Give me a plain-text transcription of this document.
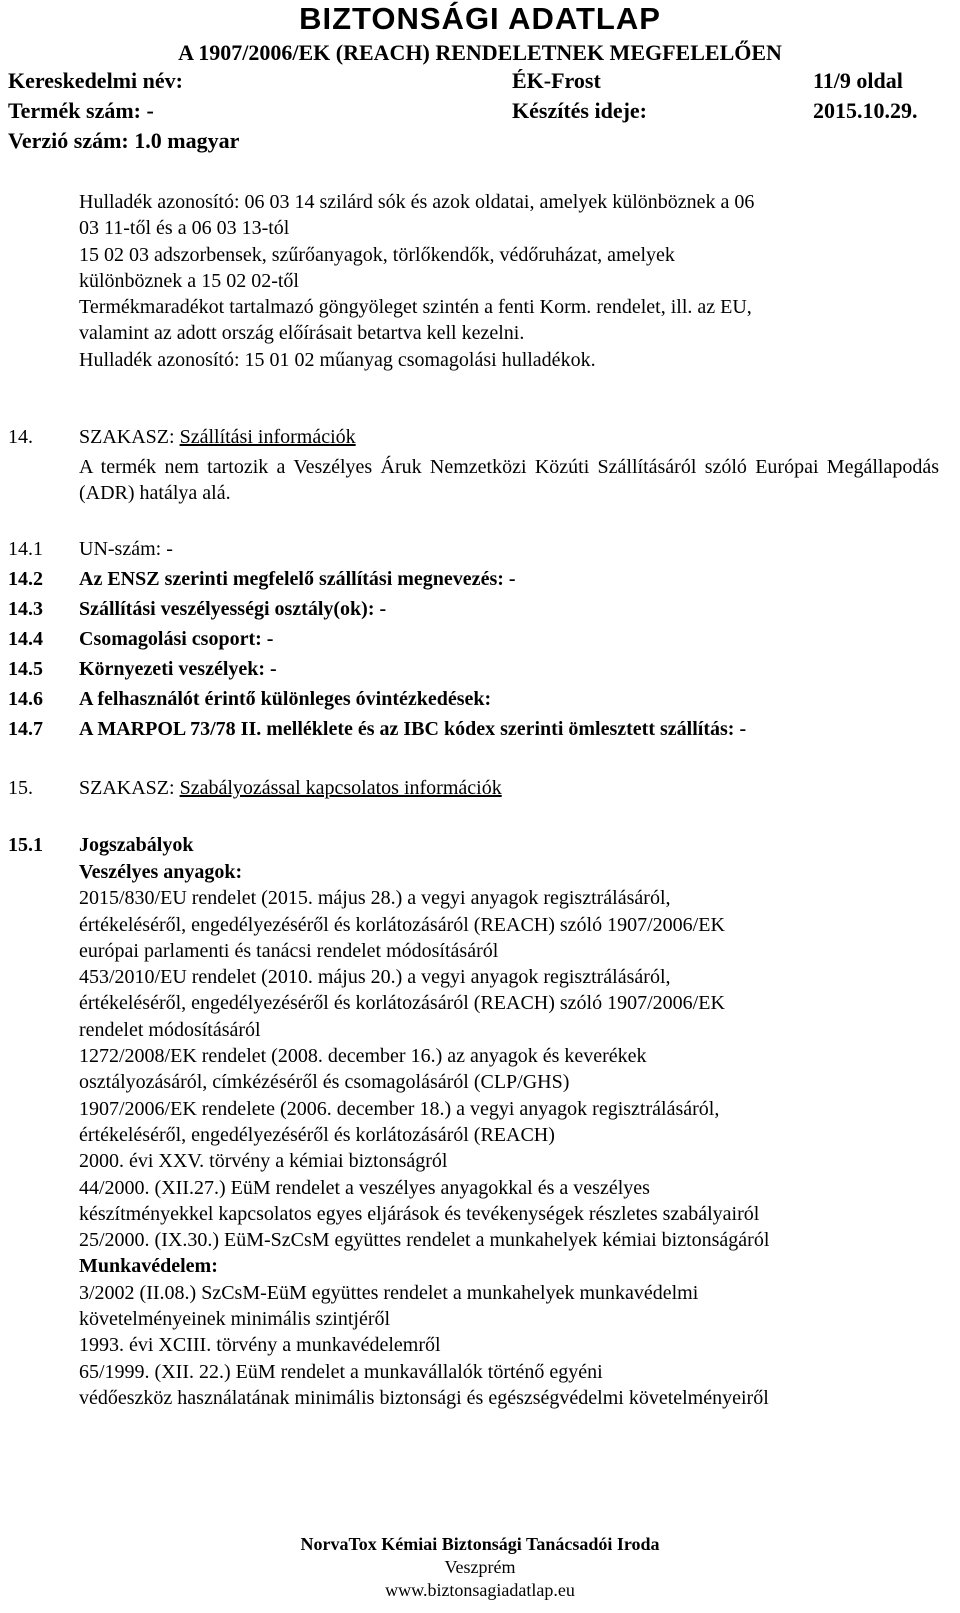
BIZTONSÁGI ADATLAP
A 1907/2006/EK (REACH) RENDELETNEK MEGFELELŐEN
Kereskedelmi név:	ÉK-Frost	11/9 oldal
Termék szám: -	Készítés ideje:	2015.10.29.
Verzió szám: 1.0 magyar

Hulladék azonosító: 06 03 14 szilárd sók és azok oldatai, amelyek különböznek a 06

03 11-től és a 06 03 13-tól

15 02 03 adszorbensek, szűrőanyagok, törlőkendők, védőruházat, amelyek

különböznek a 15 02 02-től

Termékmaradékot tartalmazó göngyöleget szintén a fenti Korm. rendelet, ill. az EU,

valamint az adott ország előírásait betartva kell kezelni.

Hulladék azonosító: 15 01 02 műanyag csomagolási hulladékok.

14. SZAKASZ: Szállítási információk

A termék nem tartozik a Veszélyes Áruk Nemzetközi Közúti Szállításáról szóló Európai Megállapodás (ADR) hatálya alá.

14.1 UN-szám: -
14.2 Az ENSZ szerinti megfelelő szállítási megnevezés: -
14.3 Szállítási veszélyességi osztály(ok): -
14.4 Csomagolási csoport: -
14.5 Környezeti veszélyek: -
14.6 A felhasználót érintő különleges óvintézkedések:
14.7 A MARPOL 73/78 II. melléklete és az IBC kódex szerinti ömlesztett szállítás: -
15. SZAKASZ: Szabályozással kapcsolatos információk
15.1 Jogszabályok

Veszélyes anyagok:

2015/830/EU rendelet (2015. május 28.) a vegyi anyagok regisztrálásáról,

értékeléséről, engedélyezéséről és korlátozásáról (REACH) szóló 1907/2006/EK

európai parlamenti és tanácsi rendelet módosításáról

453/2010/EU rendelet (2010. május 20.) a vegyi anyagok regisztrálásáról,

értékeléséről, engedélyezéséről és korlátozásáról (REACH) szóló 1907/2006/EK

rendelet módosításáról

1272/2008/EK rendelet (2008. december 16.) az anyagok és keverékek

osztályozásáról, címkézéséről és csomagolásáról (CLP/GHS)

1907/2006/EK rendelete (2006. december 18.) a vegyi anyagok regisztrálásáról,

értékeléséről, engedélyezéséről és korlátozásáról (REACH)

2000. évi XXV. törvény a kémiai biztonságról

44/2000. (XII.27.) EüM rendelet a veszélyes anyagokkal és a veszélyes

készítményekkel kapcsolatos egyes eljárások és tevékenységek részletes szabályairól

25/2000. (IX.30.) EüM-SzCsM együttes rendelet a munkahelyek kémiai biztonságáról

Munkavédelem:

3/2002 (II.08.) SzCsM-EüM együttes rendelet a munkahelyek munkavédelmi

követelményeinek minimális szintjéről

1993. évi XCIII. törvény a munkavédelemről

65/1999. (XII. 22.) EüM rendelet a munkavállalók történő egyéni

védőeszköz használatának minimális biztonsági és egészségvédelmi követelményeiről

NorvaTox Kémiai Biztonsági Tanácsadói Iroda
Veszprém
www.biztonsagiadatlap.eu
